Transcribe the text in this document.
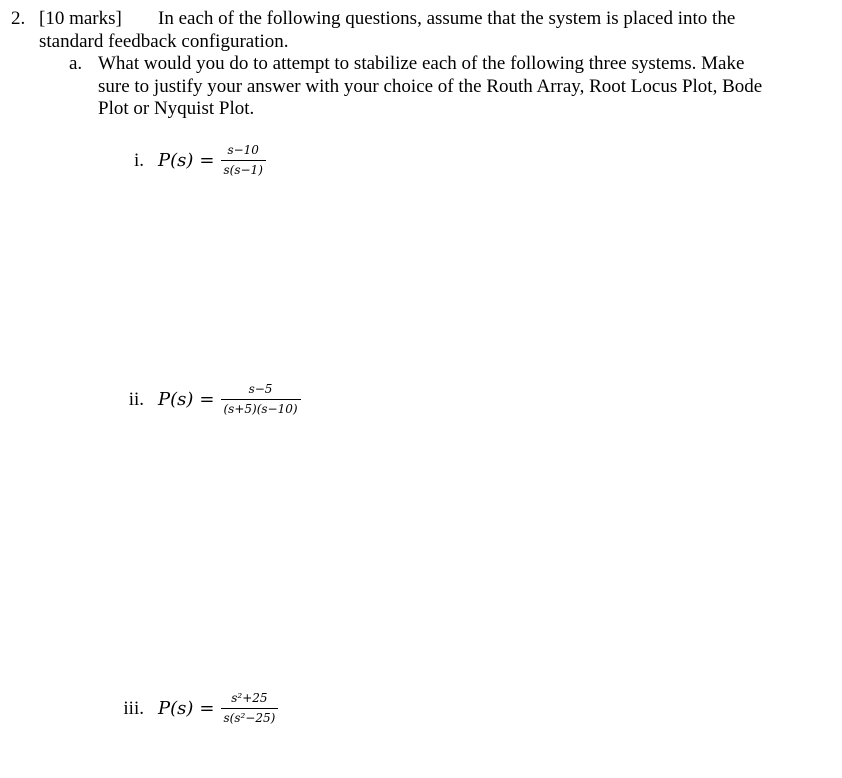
2. [10 marks] In each of the following questions, assume that the system is placed into the
standard feedback configuration.
a. What would you do to attempt to stabilize each of the following three systems. Make
sure to justify your answer with your choice of the Routh Array, Root Locus Plot, Bode
Plot or Nyquist Plot.
i. $P(s) = \frac{s-10}{s(s-1)}$
ii. $P(s) = \frac{s-5}{(s+5)(s-10)}$
iii. $P(s) = \frac{\text{s²+25}}{\text{s(s²−25)}}$
